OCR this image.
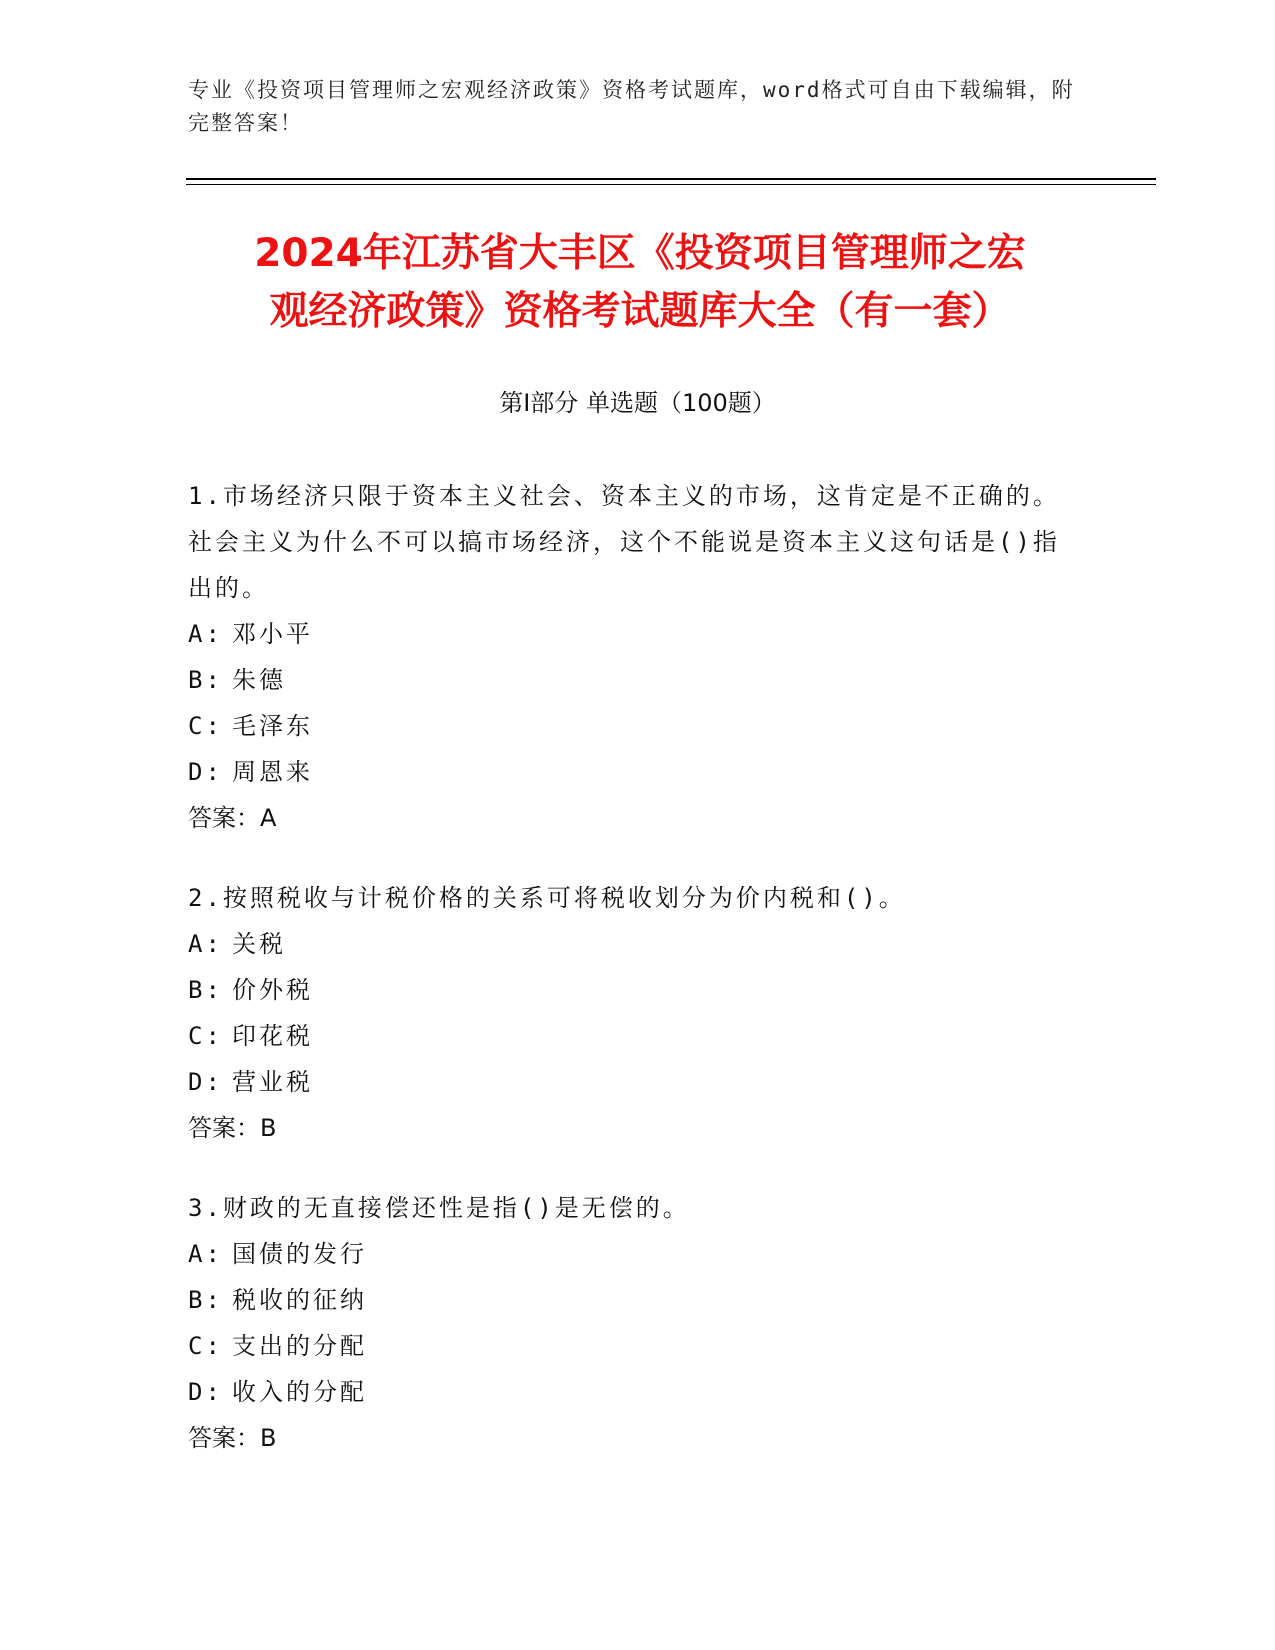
专业《投资项目管理师之宏观经济政策》资格考试题库，word格式可自由下载编辑，附完整答案！
2024年江苏省大丰区《投资项目管理师之宏
观经济政策》资格考试题库大全（有一套）
第Ⅰ部分 单选题（100题）
1.市场经济只限于资本主义社会、资本主义的市场，这肯定是不正确的。社会主义为什么不可以搞市场经济，这个不能说是资本主义这句话是()指出的。
A: 邓小平
B: 朱德
C: 毛泽东
D: 周恩来
答案：A
2.按照税收与计税价格的关系可将税收划分为价内税和()。
A: 关税
B: 价外税
C: 印花税
D: 营业税
答案：B
3.财政的无直接偿还性是指()是无偿的。
A: 国债的发行
B: 税收的征纳
C: 支出的分配
D: 收入的分配
答案：B
